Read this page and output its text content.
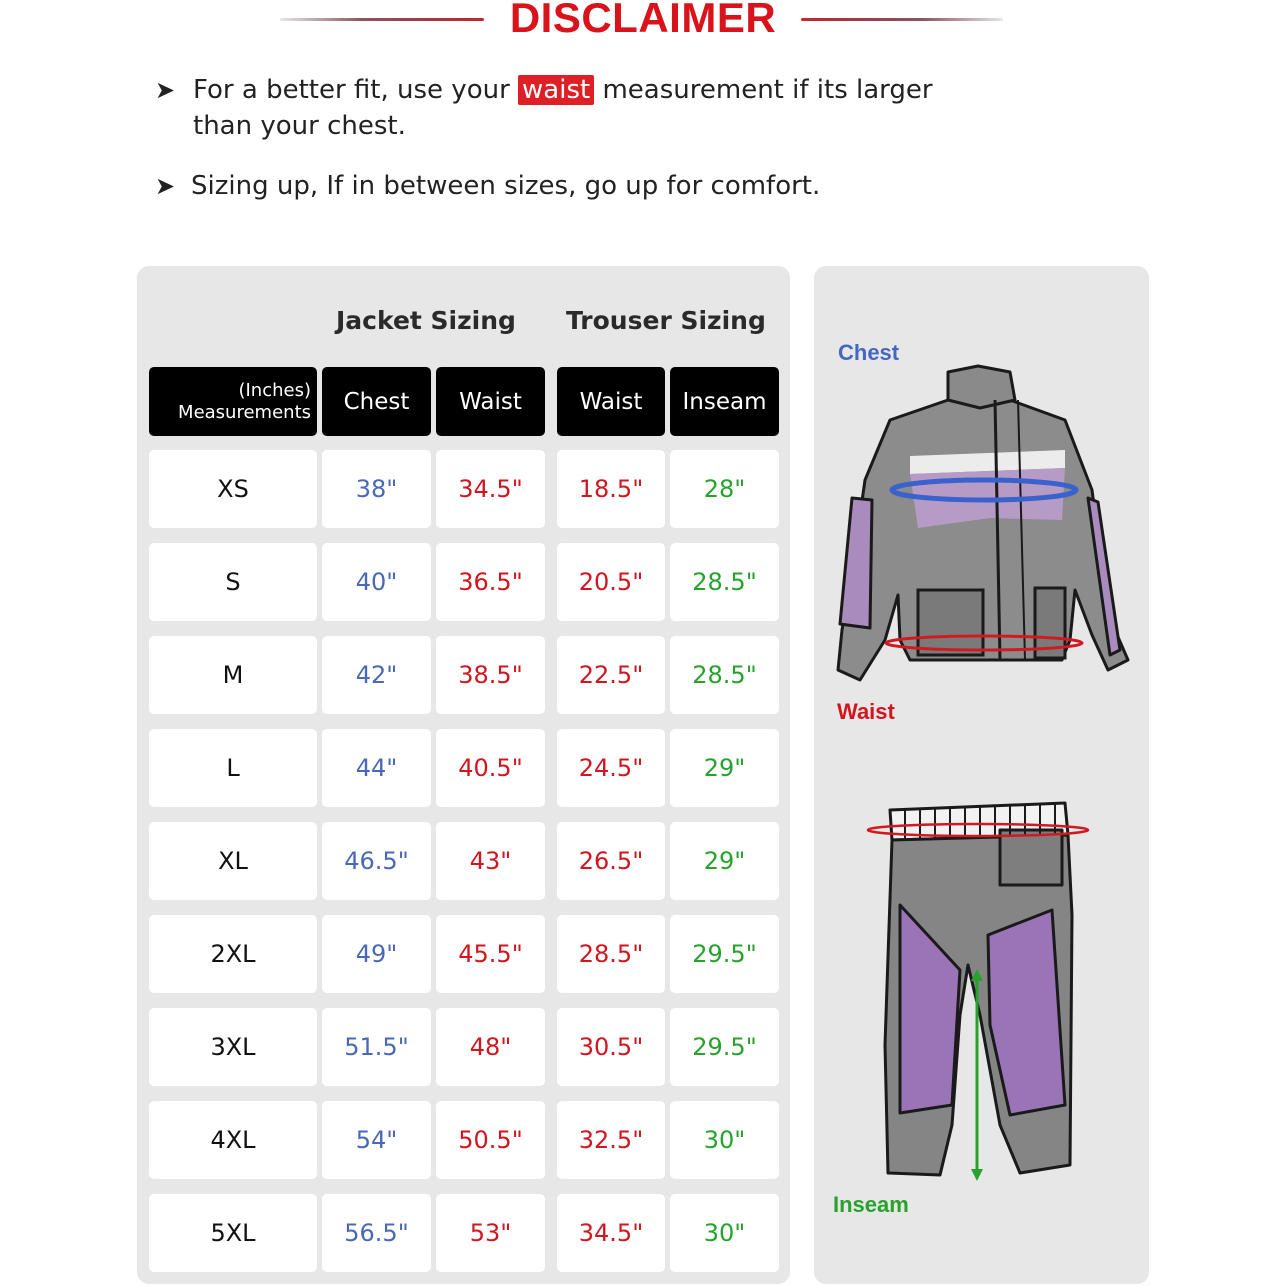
DISCLAIMER
➤ For a better fit, use your waist measurement if its larger
than your chest.
➤ Sizing up, If in between sizes, go up for comfort.
Jacket Sizing Trouser Sizing
(Inches)
Measurements	Chest	Waist	Waist	Inseam
XS	38"	34.5"	18.5"	28"
S	40"	36.5"	20.5"	28.5"
M	42"	38.5"	22.5"	28.5"
L	44"	40.5"	24.5"	29"
XL	46.5"	43"	26.5"	29"
2XL	49"	45.5"	28.5"	29.5"
3XL	51.5"	48"	30.5"	29.5"
4XL	54"	50.5"	32.5"	30"
5XL	56.5"	53"	34.5"	30"
Chest
Waist
Inseam
